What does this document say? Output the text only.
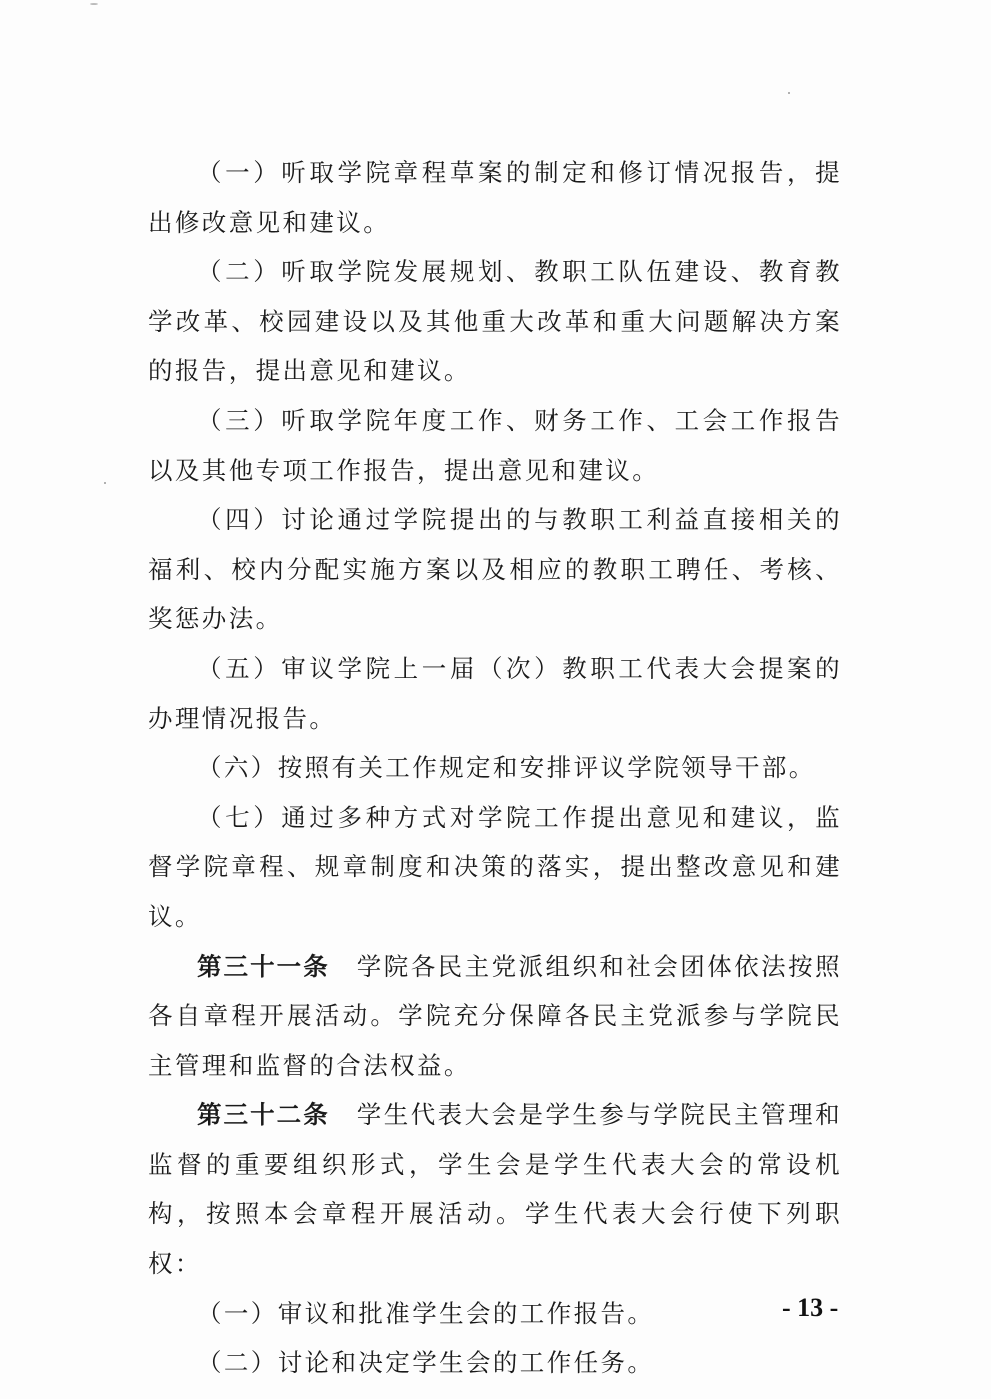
（一）听取学院章程草案的制定和修订情况报告，提出修改意见和建议。

（二）听取学院发展规划、教职工队伍建设、教育教学改革、校园建设以及其他重大改革和重大问题解决方案的报告，提出意见和建议。

（三）听取学院年度工作、财务工作、工会工作报告以及其他专项工作报告，提出意见和建议。

（四）讨论通过学院提出的与教职工利益直接相关的福利、校内分配实施方案以及相应的教职工聘任、考核、奖惩办法。

（五）审议学院上一届（次）教职工代表大会提案的办理情况报告。

（六）按照有关工作规定和安排评议学院领导干部。

（七）通过多种方式对学院工作提出意见和建议，监督学院章程、规章制度和决策的落实，提出整改意见和建议。

第三十一条　 学院各民主党派组织和社会团体依法按照各自章程开展活动。学院充分保障各民主党派参与学院民主管理和监督的合法权益。

第三十二条　 学生代表大会是学生参与学院民主管理和监督的重要组织形式，学生会是学生代表大会的常设机构，按照本会章程开展活动。学生代表大会行使下列职权：

（一）审议和批准学生会的工作报告。

（二）讨论和决定学生会的工作任务。

- 13 -
